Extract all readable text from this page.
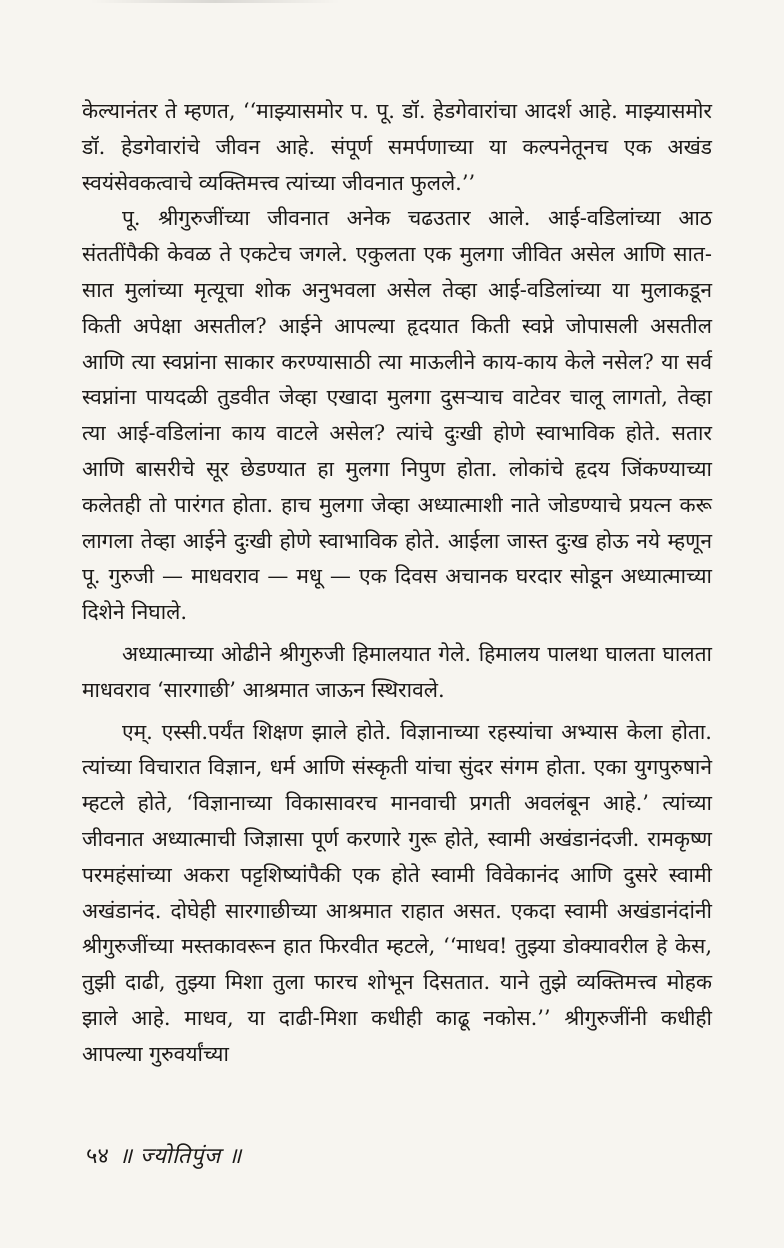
केल्यानंतर ते म्हणत, ‘‘माझ्यासमोर प. पू. डॉ. हेडगेवारांचा आदर्श आहे. माझ्यासमोर डॉ. हेडगेवारांचे जीवन आहे. संपूर्ण समर्पणाच्या या कल्पनेतूनच एक अखंड स्वयंसेवकत्वाचे व्यक्तिमत्त्व त्यांच्या जीवनात फुलले.’’

पू. श्रीगुरुजींच्या जीवनात अनेक चढउतार आले. आई-वडिलांच्या आठ संततींपैकी केवळ ते एकटेच जगले. एकुलता एक मुलगा जीवित असेल आणि सात-सात मुलांच्या मृत्यूचा शोक अनुभवला असेल तेव्हा आई-वडिलांच्या या मुलाकडून किती अपेक्षा असतील? आईने आपल्या हृदयात किती स्वप्ने जोपासली असतील आणि त्या स्वप्नांना साकार करण्यासाठी त्या माऊलीने काय-काय केले नसेल? या सर्व स्वप्नांना पायदळी तुडवीत जेव्हा एखादा मुलगा दुसऱ्याच वाटेवर चालू लागतो, तेव्हा त्या आई-वडिलांना काय वाटले असेल? त्यांचे दुःखी होणे स्वाभाविक होते. सतार आणि बासरीचे सूर छेडण्यात हा मुलगा निपुण होता. लोकांचे हृदय जिंकण्याच्या कलेतही तो पारंगत होता. हाच मुलगा जेव्हा अध्यात्माशी नाते जोडण्याचे प्रयत्न करू लागला तेव्हा आईने दुःखी होणे स्वाभाविक होते. आईला जास्त दुःख होऊ नये म्हणून पू. गुरुजी — माधवराव — मधू — एक दिवस अचानक घरदार सोडून अध्यात्माच्या दिशेने निघाले.

अध्यात्माच्या ओढीने श्रीगुरुजी हिमालयात गेले. हिमालय पालथा घालता घालता माधवराव ‘सारगाछी’ आश्रमात जाऊन स्थिरावले.

एम्. एस्सी.पर्यंत शिक्षण झाले होते. विज्ञानाच्या रहस्यांचा अभ्यास केला होता. त्यांच्या विचारात विज्ञान, धर्म आणि संस्कृती यांचा सुंदर संगम होता. एका युगपुरुषाने म्हटले होते, ‘विज्ञानाच्या विकासावरच मानवाची प्रगती अवलंबून आहे.’ त्यांच्या जीवनात अध्यात्माची जिज्ञासा पूर्ण करणारे गुरू होते, स्वामी अखंडानंदजी. रामकृष्ण परमहंसांच्या अकरा पट्टशिष्यांपैकी एक होते स्वामी विवेकानंद आणि दुसरे स्वामी अखंडानंद. दोघेही सारगाछीच्या आश्रमात राहात असत. एकदा स्वामी अखंडानंदांनी श्रीगुरुजींच्या मस्तकावरून हात फिरवीत म्हटले, ‘‘माधव! तुझ्या डोक्यावरील हे केस, तुझी दाढी, तुझ्या मिशा तुला फारच शोभून दिसतात. याने तुझे व्यक्तिमत्त्व मोहक झाले आहे. माधव, या दाढी-मिशा कधीही काढू नकोस.’’ श्रीगुरुजींनी कधीही आपल्या गुरुवर्यांच्या

५४ ॥ ज्योतिपुंज ॥
